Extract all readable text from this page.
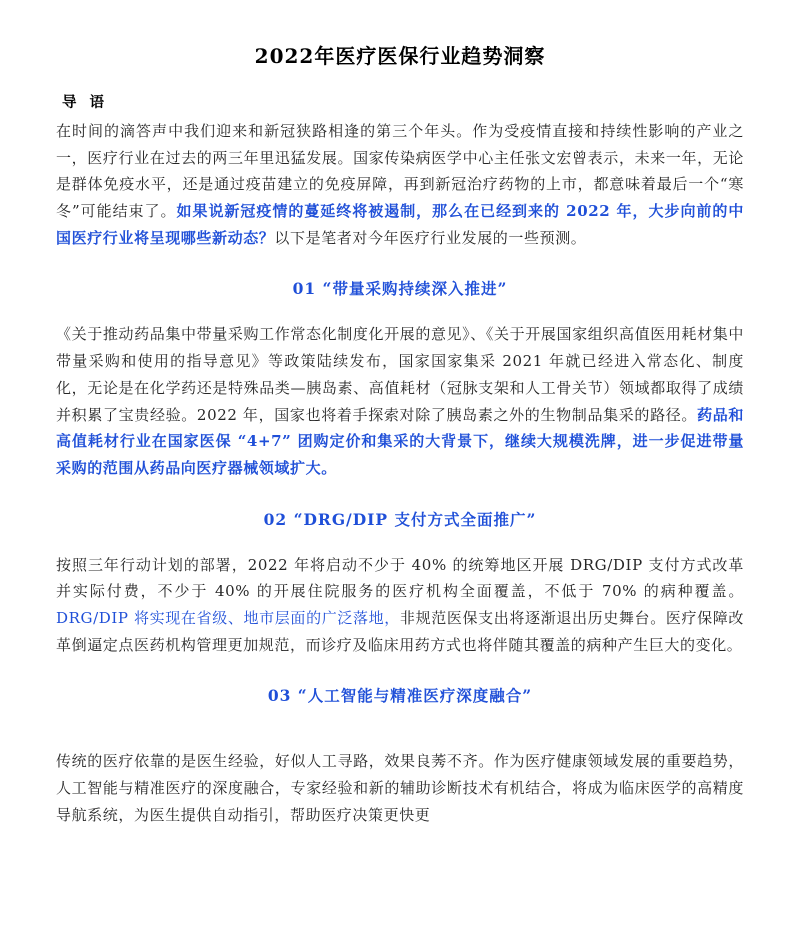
2022年医疗医保行业趋势洞察
导 语

在时间的滴答声中我们迎来和新冠狭路相逢的第三个年头。作为受疫情直接和持续性影响的产业之一，医疗行业在过去的两三年里迅猛发展。国家传染病医学中心主任张文宏曾表示，未来一年，无论是群体免疫水平，还是通过疫苗建立的免疫屏障，再到新冠治疗药物的上市，都意味着最后一个“寒冬”可能结束了。如果说新冠疫情的蔓延终将被遏制，那么在已经到来的 2022 年，大步向前的中国医疗行业将呈现哪些新动态？以下是笔者对今年医疗行业发展的一些预测。

01 “带量采购持续深入推进”

《关于推动药品集中带量采购工作常态化制度化开展的意见》、《关于开展国家组织高值医用耗材集中带量采购和使用的指导意见》等政策陆续发布，国家国家集采 2021 年就已经进入常态化、制度化，无论是在化学药还是特殊品类—胰岛素、高值耗材（冠脉支架和人工骨关节）领域都取得了成绩并积累了宝贵经验。2022 年，国家也将着手探索对除了胰岛素之外的生物制品集采的路径。药品和高值耗材行业在国家医保 “4+7” 团购定价和集采的大背景下，继续大规模洗牌，进一步促进带量采购的范围从药品向医疗器械领域扩大。

02 “DRG/DIP 支付方式全面推广”

按照三年行动计划的部署，2022 年将启动不少于 40% 的统筹地区开展 DRG/DIP 支付方式改革并实际付费，不少于 40% 的开展住院服务的医疗机构全面覆盖，不低于 70% 的病种覆盖。DRG/DIP 将实现在省级、地市层面的广泛落地，非规范医保支出将逐渐退出历史舞台。医疗保障改革倒逼定点医药机构管理更加规范，而诊疗及临床用药方式也将伴随其覆盖的病种产生巨大的变化。

03 “人工智能与精准医疗深度融合”

传统的医疗依靠的是医生经验，好似人工寻路，效果良莠不齐。作为医疗健康领域发展的重要趋势，人工智能与精准医疗的深度融合，专家经验和新的辅助诊断技术有机结合，将成为临床医学的高精度导航系统，为医生提供自动指引，帮助医疗决策更快更
